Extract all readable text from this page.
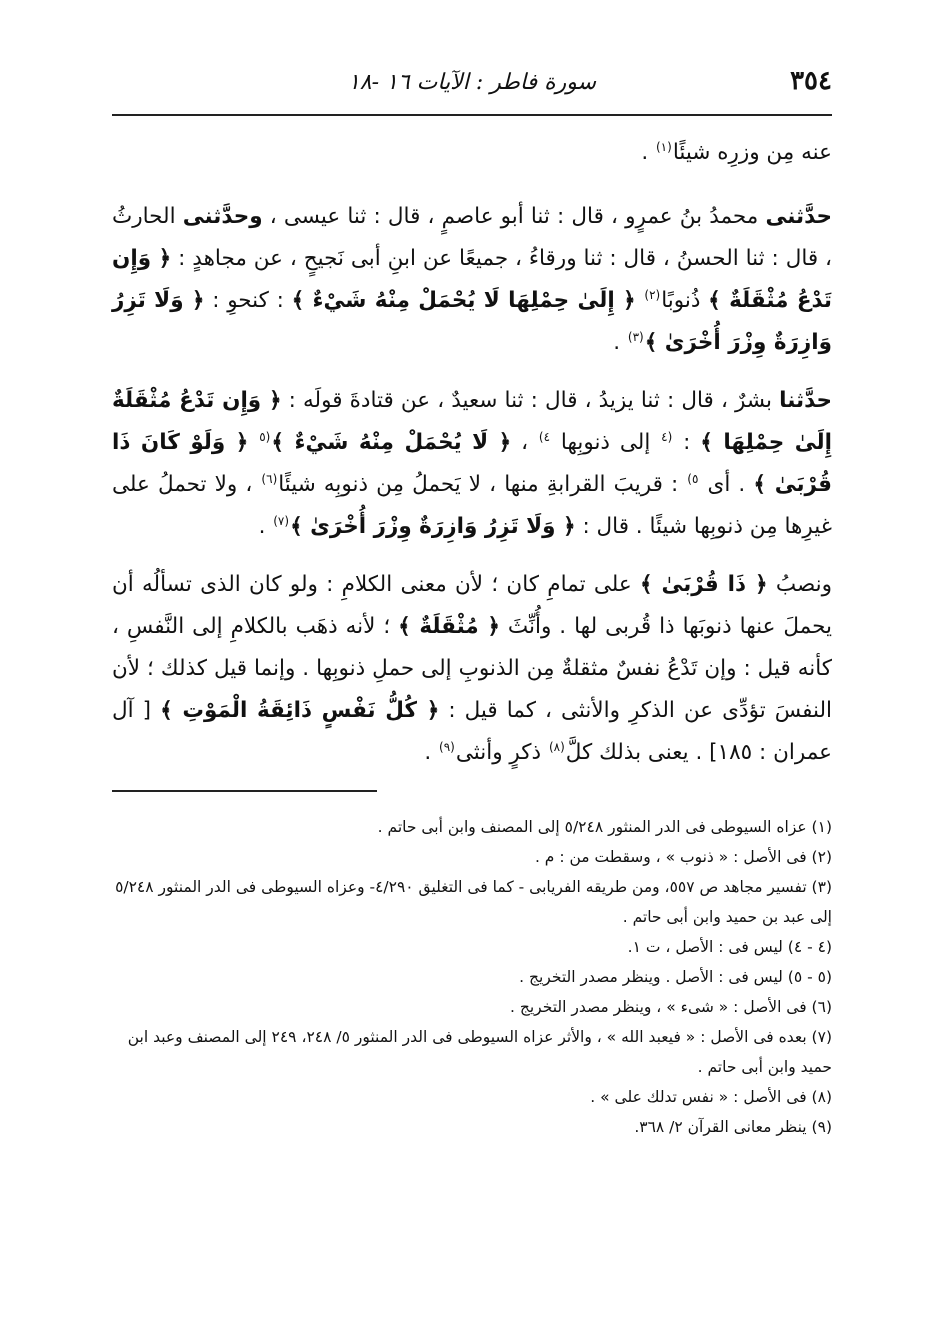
٣٥٤
سورة فاطر : الآيات ١٦ -١٨

عنه مِن وزرِه شيئًا$^{(١)}$ .

حدَّثنى محمدُ بنُ عمرٍو ، قال : ثنا أبو عاصمٍ ، قال : ثنا عيسى ، وحدَّثنى الحارثُ ، قال : ثنا الحسنُ ، قال : ثنا ورقاءُ ، جميعًا عن ابنِ أبى نَجيحٍ ، عن مجاهدٍ : ﴿ وَإِن تَدْعُ مُثْقَلَةٌ ﴾ ذُنوبًا$^{(٢)}$ ﴿ إِلَىٰ حِمْلِهَا لَا يُحْمَلْ مِنْهُ شَيْءٌ ﴾ : كنحوِ : ﴿ وَلَا تَزِرُ وَازِرَةٌ وِزْرَ أُخْرَىٰ ﴾$^{(٣)}$ .

حدَّثنا بشرٌ ، قال : ثنا يزيدُ ، قال : ثنا سعيدٌ ، عن قتادةَ قولَه : ﴿ وَإِن تَدْعُ مُثْقَلَةٌ إِلَىٰ حِمْلِهَا ﴾ : $^{(٤}$ إلى ذنوبِها $^{٤)}$ ، ﴿ لَا يُحْمَلْ مِنْهُ شَيْءٌ ﴾$^{(٥}$ ﴿ وَلَوْ كَانَ ذَا قُرْبَىٰ ﴾ . أى $^{٥)}$ : قريبَ القرابةِ منها ، لا يَحملُ مِن ذنوبِه شيئًا$^{(٦)}$ ، ولا تحملُ على غيرِها مِن ذنوبِها شيئًا . قال : ﴿ وَلَا تَزِرُ وَازِرَةٌ وِزْرَ أُخْرَىٰ ﴾$^{(٧)}$ .

ونصبُ ﴿ ذَا قُرْبَىٰ ﴾ على تمامِ كان ؛ لأن معنى الكلامِ : ولو كان الذى تسألُه أن يحملَ عنها ذنوبَها ذا قُربى لها . وأُنِّثَ ﴿ مُثْقَلَةٌ ﴾ ؛ لأنه ذهَب بالكلامِ إلى النَّفسِ ، كأنه قيل : وإن تَدْعُ نفسٌ مثقلةٌ مِن الذنوبِ إلى حملِ ذنوبِها . وإنما قيل كذلك ؛ لأن النفسَ تؤدِّى عن الذكرِ والأنثى ، كما قيل : ﴿ كُلُّ نَفْسٍ ذَائِقَةُ الْمَوْتِ ﴾ [ آل عمران : ١٨٥] . يعنى بذلك كلَّ$^{(٨)}$ ذكرٍ وأنثى$^{(٩)}$ .

(١) عزاه السيوطى فى الدر المنثور ٥/٢٤٨ إلى المصنف وابن أبى حاتم .

(٢) فى الأصل : « ذنوب » ، وسقطت من : م .

(٣) تفسير مجاهد ص ٥٥٧، ومن طريقه الفريابى - كما فى التغليق ٤/٢٩٠- وعزاه السيوطى فى الدر المنثور ٥/٢٤٨ إلى عبد بن حميد وابن أبى حاتم .

(٤ - ٤) ليس فى : الأصل ، ت ١.

(٥ - ٥) ليس فى : الأصل . وينظر مصدر التخريج .

(٦) فى الأصل : « شىء » ، وينظر مصدر التخريج .

(٧) بعده فى الأصل : « فيعبد الله » ، والأثر عزاه السيوطى فى الدر المنثور ٥/ ٢٤٨، ٢٤٩ إلى المصنف وعبد ابن حميد وابن أبى حاتم .

(٨) فى الأصل : « نفس تدلك على » .

(٩) ينظر معانى القرآن ٢/ ٣٦٨.
